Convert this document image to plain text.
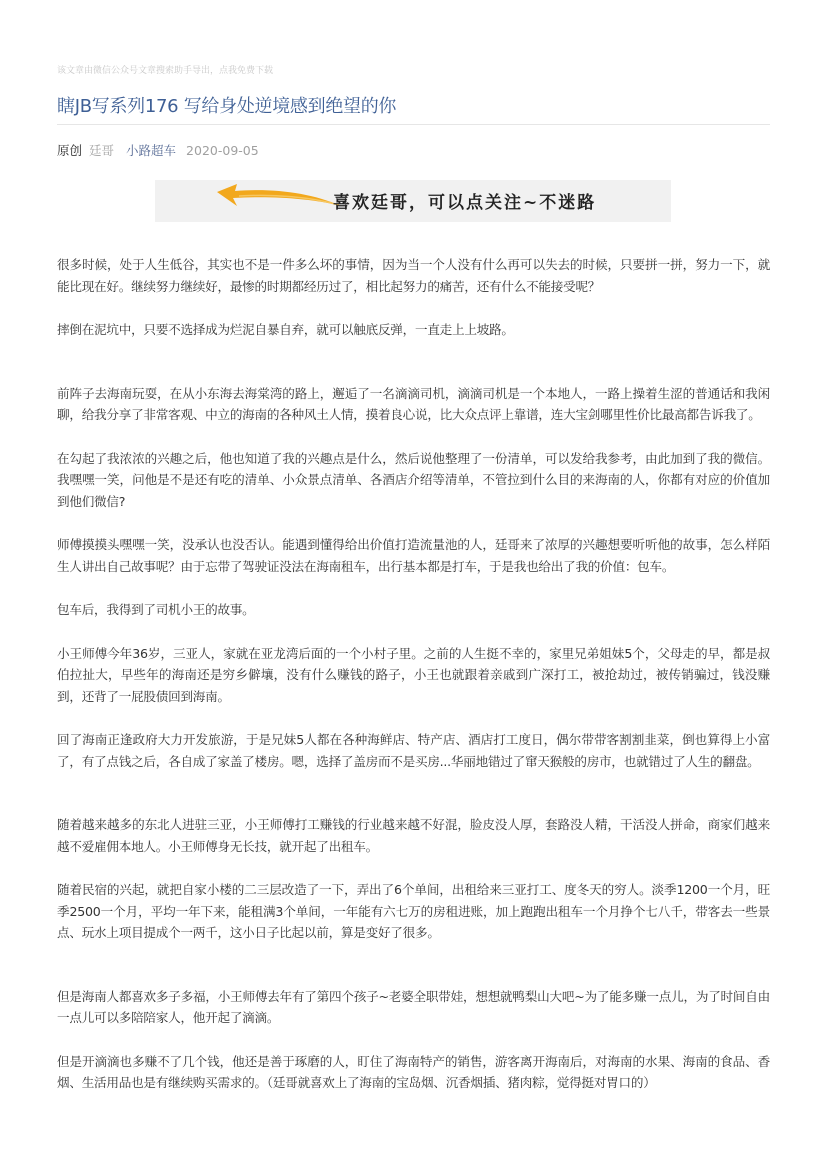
该文章由微信公众号文章搜索助手导出，点我免费下载
瞎JB写系列176 写给身处逆境感到绝望的你
原创 廷哥 小路超车 2020-09-05
喜欢廷哥，可以点关注~不迷路

很多时候，处于人生低谷，其实也不是一件多么坏的事情，因为当一个人没有什么再可以失去的时候，只要拼一拼，努力一下，就能比现在好。继续努力继续好，最惨的时期都经历过了，相比起努力的痛苦，还有什么不能接受呢？

摔倒在泥坑中，只要不选择成为烂泥自暴自弃，就可以触底反弹，一直走上上坡路。

前阵子去海南玩耍，在从小东海去海棠湾的路上，邂逅了一名滴滴司机，滴滴司机是一个本地人，一路上操着生涩的普通话和我闲聊，给我分享了非常客观、中立的海南的各种风土人情，摸着良心说，比大众点评上靠谱，连大宝剑哪里性价比最高都告诉我了。

在勾起了我浓浓的兴趣之后，他也知道了我的兴趣点是什么，然后说他整理了一份清单，可以发给我参考，由此加到了我的微信。我嘿嘿一笑，问他是不是还有吃的清单、小众景点清单、各酒店介绍等清单，不管拉到什么目的来海南的人，你都有对应的价值加到他们微信?

师傅摸摸头嘿嘿一笑，没承认也没否认。能遇到懂得给出价值打造流量池的人，廷哥来了浓厚的兴趣想要听听他的故事，怎么样陌生人讲出自己故事呢？由于忘带了驾驶证没法在海南租车，出行基本都是打车，于是我也给出了我的价值：包车。

包车后，我得到了司机小王的故事。

小王师傅今年36岁，三亚人，家就在亚龙湾后面的一个小村子里。之前的人生挺不幸的，家里兄弟姐妹5个，父母走的早，都是叔伯拉扯大，早些年的海南还是穷乡僻壤，没有什么赚钱的路子，小王也就跟着亲戚到广深打工，被抢劫过，被传销骗过，钱没赚到，还背了一屁股债回到海南。

回了海南正逢政府大力开发旅游，于是兄妹5人都在各种海鲜店、特产店、酒店打工度日，偶尔带带客割割韭菜，倒也算得上小富了，有了点钱之后，各自成了家盖了楼房。嗯，选择了盖房而不是买房...华丽地错过了窜天猴般的房市，也就错过了人生的翻盘。

随着越来越多的东北人进驻三亚，小王师傅打工赚钱的行业越来越不好混，脸皮没人厚，套路没人精，干活没人拼命，商家们越来越不爱雇佣本地人。小王师傅身无长技，就开起了出租车。

随着民宿的兴起，就把自家小楼的二三层改造了一下，弄出了6个单间，出租给来三亚打工、度冬天的穷人。淡季1200一个月，旺季2500一个月，平均一年下来，能租满3个单间，一年能有六七万的房租进账，加上跑跑出租车一个月挣个七八千，带客去一些景点、玩水上项目提成个一两千，这小日子比起以前，算是变好了很多。

但是海南人都喜欢多子多福，小王师傅去年有了第四个孩子~老婆全职带娃，想想就鸭梨山大吧~为了能多赚一点儿，为了时间自由一点儿可以多陪陪家人，他开起了滴滴。

但是开滴滴也多赚不了几个钱，他还是善于琢磨的人，盯住了海南特产的销售，游客离开海南后，对海南的水果、海南的食品、香烟、生活用品也是有继续购买需求的。（廷哥就喜欢上了海南的宝岛烟、沉香烟插、猪肉粽，觉得挺对胃口的）
